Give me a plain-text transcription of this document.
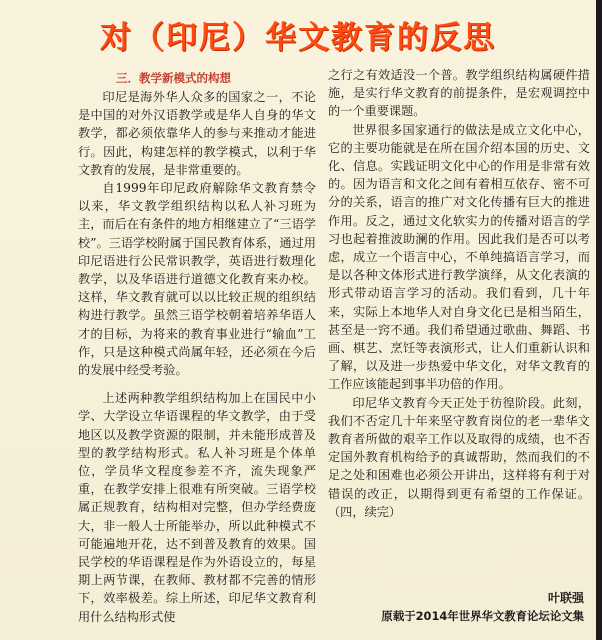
对（印尼）华文教育的反思
三．教学新模式的构想

印尼是海外华人众多的国家之一，不论是中国的对外汉语教学或是华人自身的华文教学，都必须依靠华人的参与来推动才能进行。因此，构建怎样的教学模式，以利于华文教育的发展，是非常重要的。

自1999年印尼政府解除华文教育禁令以来，华文教学组织结构以私人补习班为主，而后在有条件的地方相继建立了“三语学校”。三语学校附属于国民教育体系，通过用印尼语进行公民常识教学，英语进行数理化教学，以及华语进行道德文化教育来办校。这样，华文教育就可以以比较正规的组织结构进行教学。虽然三语学校朝着培养华语人才的目标，为将来的教育事业进行“输血”工作，只是这种模式尚属年轻，还必须在今后的发展中经受考验。

上述两种教学组织结构加上在国民中小学、大学设立华语课程的华文教学，由于受地区以及教学资源的限制，并未能形成普及型的教学结构形式。私人补习班是个体单位，学员华文程度参差不齐，流失现象严重，在教学安排上很难有所突破。三语学校属正规教育，结构相对完整，但办学经费庞大，非一般人士所能举办，所以此种模式不可能遍地开花，达不到普及教育的效果。国民学校的华语课程是作为外语设立的，每星期上两节课，在教师、教材都不完善的情形下，效率极差。综上所述，印尼华文教育利用什么结构形式使

之行之有效适没一个普。教学组织结构属硬件措施，是实行华文教育的前提条件，是宏观调控中的一个重要课题。

世界很多国家通行的做法是成立文化中心，它的主要功能就是在所在国介绍本国的历史、文化、信息。实践证明文化中心的作用是非常有效的。因为语言和文化之间有着相互依存、密不可分的关系，语言的推广对文化传播有巨大的推进作用。反之，通过文化软实力的传播对语言的学习也起着推波助澜的作用。因此我们是否可以考虑，成立一个语言中心，不单纯搞语言学习，而是以各种文体形式进行教学演绎，从文化表演的形式带动语言学习的活动。我们看到，几十年来，实际上本地华人对自身文化已是相当陌生，甚至是一窍不通。我们希望通过歌曲、舞蹈、书画、棋艺、烹饪等表演形式，让人们重新认识和了解，以及进一步热爱中华文化，对华文教育的工作应该能起到事半功倍的作用。

印尼华文教育今天正处于彷徨阶段。此刻，我们不否定几十年来坚守教育岗位的老一辈华文教育者所做的艰辛工作以及取得的成绩，也不否定国外教育机构给予的真诚帮助，然而我们的不足之处和困难也必须公开讲出，这样将有利于对错误的改正，以期得到更有希望的工作保证。（四，续完）

叶联强
原载于2014年世界华文教育论坛论文集
